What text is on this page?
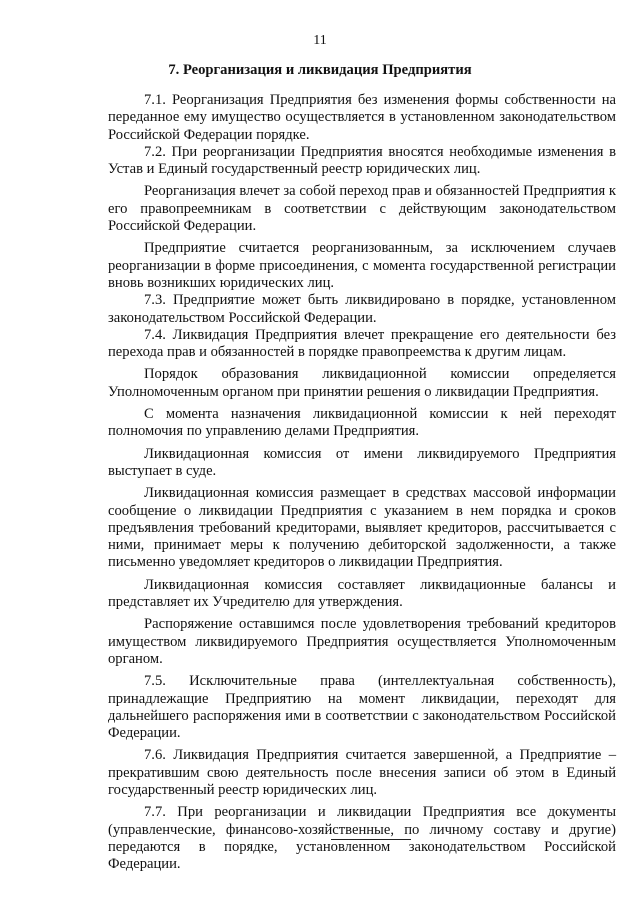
11
7. Реорганизация и ликвидация Предприятия

7.1. Реорганизация Предприятия без изменения формы собственности на переданное ему имущество осуществляется в установленном законодательством Российской Федерации порядке.

7.2. При реорганизации Предприятия вносятся необходимые изменения в Устав и Единый государственный реестр юридических лиц.

Реорганизация влечет за собой переход прав и обязанностей Предприятия к его правопреемникам в соответствии с действующим законодательством Российской Федерации.

Предприятие считается реорганизованным, за исключением случаев реорганизации в форме присоединения, с момента государственной регистрации вновь возникших юридических лиц.

7.3. Предприятие может быть ликвидировано в порядке, установленном законодательством Российской Федерации.

7.4. Ликвидация Предприятия влечет прекращение его деятельности без перехода прав и обязанностей в порядке правопреемства к другим лицам.

Порядок образования ликвидационной комиссии определяется Уполномоченным органом при принятии решения о ликвидации Предприятия.

С момента назначения ликвидационной комиссии к ней переходят полномочия по управлению делами Предприятия.

Ликвидационная комиссия от имени ликвидируемого Предприятия выступает в суде.

Ликвидационная комиссия размещает в средствах массовой информации сообщение о ликвидации Предприятия с указанием в нем порядка и сроков предъявления требований кредиторами, выявляет кредиторов, рассчитывается с ними, принимает меры к получению дебиторской задолженности, а также письменно уведомляет кредиторов о ликвидации Предприятия.

Ликвидационная комиссия составляет ликвидационные балансы и представляет их Учредителю для утверждения.

Распоряжение оставшимся после удовлетворения требований кредиторов имуществом ликвидируемого Предприятия осуществляется Уполномоченным органом.

7.5. Исключительные права (интеллектуальная собственность), принадлежащие Предприятию на момент ликвидации, переходят для дальнейшего распоряжения ими в соответствии с законодательством Российской Федерации.

7.6. Ликвидация Предприятия считается завершенной, а Предприятие – прекратившим свою деятельность после внесения записи об этом в Единый государственный реестр юридических лиц.

7.7. При реорганизации и ликвидации Предприятия все документы (управленческие, финансово-хозяйственные, по личному составу и другие) передаются в порядке, установленном законодательством Российской Федерации.
